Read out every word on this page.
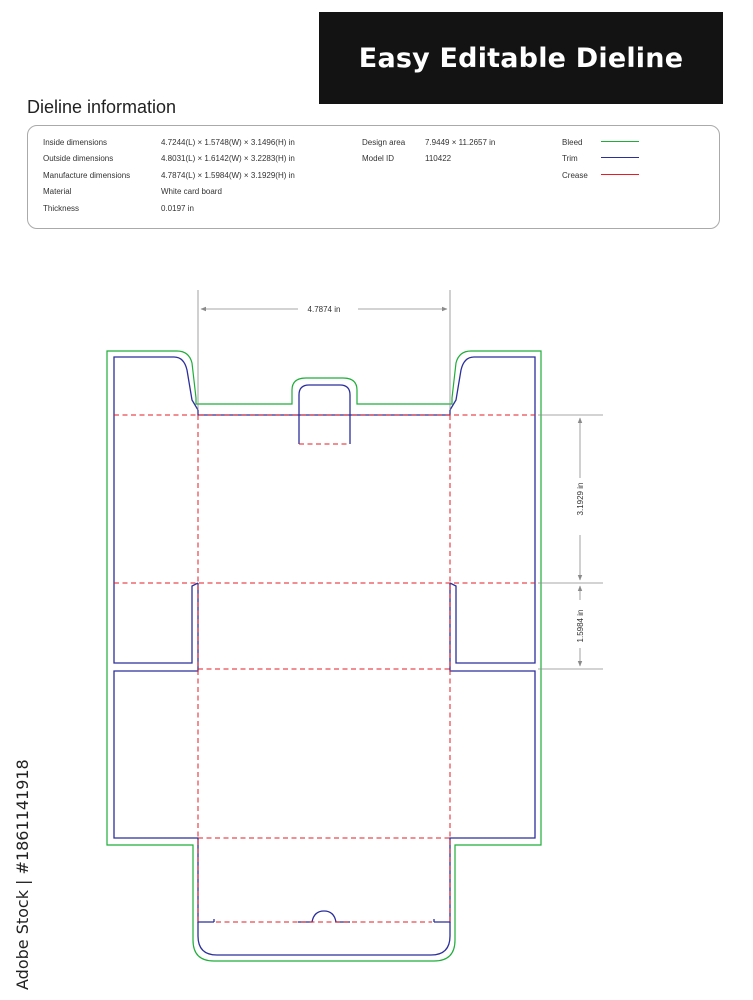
Easy Editable Dieline
Dieline information
Inside dimensions	4.7244(L) × 1.5748(W) × 3.1496(H) in
Outside dimensions	4.8031(L) × 1.6142(W) × 3.2283(H) in
Manufacture dimensions	4.7874(L) × 1.5984(W) × 3.1929(H) in
Material	White card board
Thickness	0.0197 in
Design area 7.9449 × 11.2657 in
Model ID	110422
Bleed
Trim
Crease
4.7874 in
3.1929 in
1.5984 in
Adobe Stock | #1861141918
